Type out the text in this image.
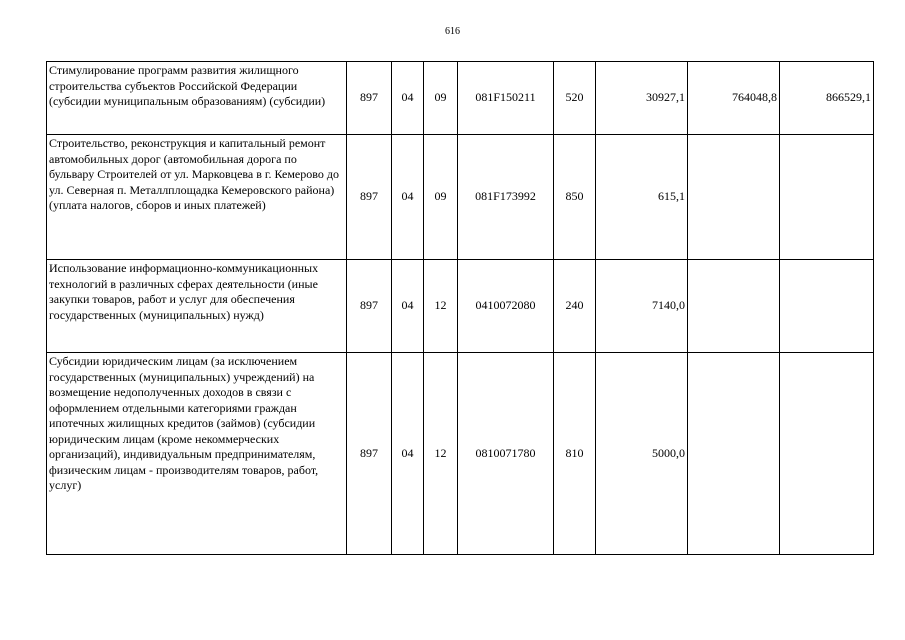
616
Стимулирование программ развития жилищного строительства субъектов Российской Федерации (субсидии муниципальным образованиям) (субсидии)	897	04	09	081F150211	520	30927,1	764048,8	866529,1
Строительство, реконструкция и капитальный ремонт автомобильных дорог (автомобильная дорога по бульвару Строителей от ул. Марковцева в г. Кемерово до ул. Северная п. Металлплощадка Кемеровского района) (уплата налогов, сборов и иных платежей)	897	04	09	081F173992	850	615,1		
Использование информационно-коммуникационных технологий в различных сферах деятельности (иные закупки товаров, работ и услуг для обеспечения государственных (муниципальных) нужд)	897	04	12	0410072080	240	7140,0		
Субсидии юридическим лицам (за исключением государственных (муниципальных) учреждений) на возмещение недополученных доходов в связи с оформлением отдельными категориями граждан ипотечных жилищных кредитов (займов) (субсидии юридическим лицам (кроме некоммерческих организаций), индивидуальным предпринимателям, физическим лицам - производителям товаров, работ, услуг)	897	04	12	0810071780	810	5000,0		
